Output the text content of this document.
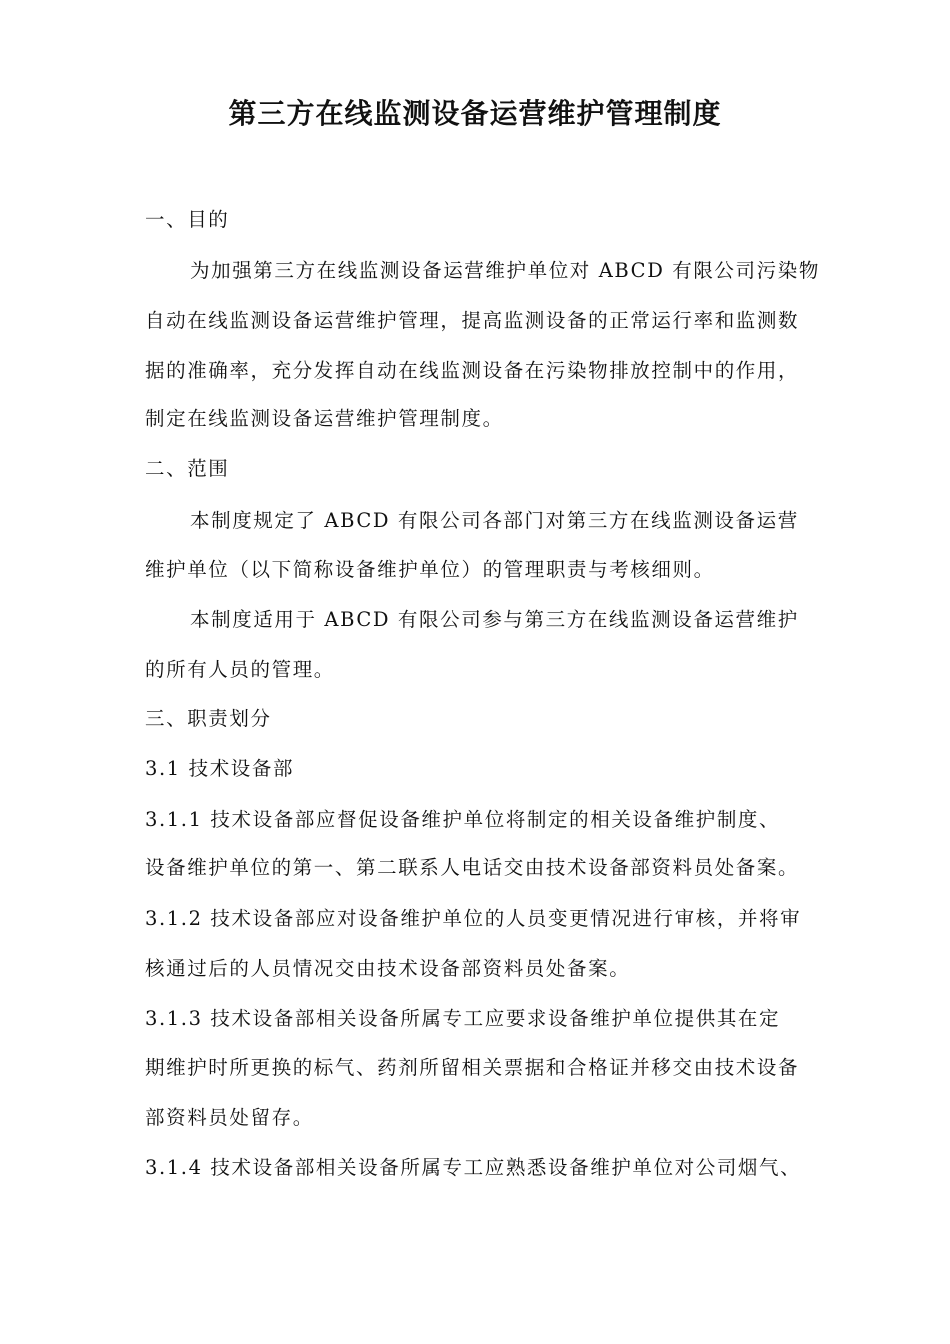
第三方在线监测设备运营维护管理制度
一、目的
为加强第三方在线监测设备运营维护单位对 ABCD 有限公司污染物
自动在线监测设备运营维护管理，提高监测设备的正常运行率和监测数
据的准确率，充分发挥自动在线监测设备在污染物排放控制中的作用，
制定在线监测设备运营维护管理制度。
二、范围
本制度规定了 ABCD 有限公司各部门对第三方在线监测设备运营
维护单位（以下简称设备维护单位）的管理职责与考核细则。
本制度适用于 ABCD 有限公司参与第三方在线监测设备运营维护
的所有人员的管理。
三、职责划分
3.1 技术设备部
3.1.1 技术设备部应督促设备维护单位将制定的相关设备维护制度、
设备维护单位的第一、第二联系人电话交由技术设备部资料员处备案。
3.1.2 技术设备部应对设备维护单位的人员变更情况进行审核，并将审
核通过后的人员情况交由技术设备部资料员处备案。
3.1.3 技术设备部相关设备所属专工应要求设备维护单位提供其在定
期维护时所更换的标气、药剂所留相关票据和合格证并移交由技术设备
部资料员处留存。
3.1.4 技术设备部相关设备所属专工应熟悉设备维护单位对公司烟气、
